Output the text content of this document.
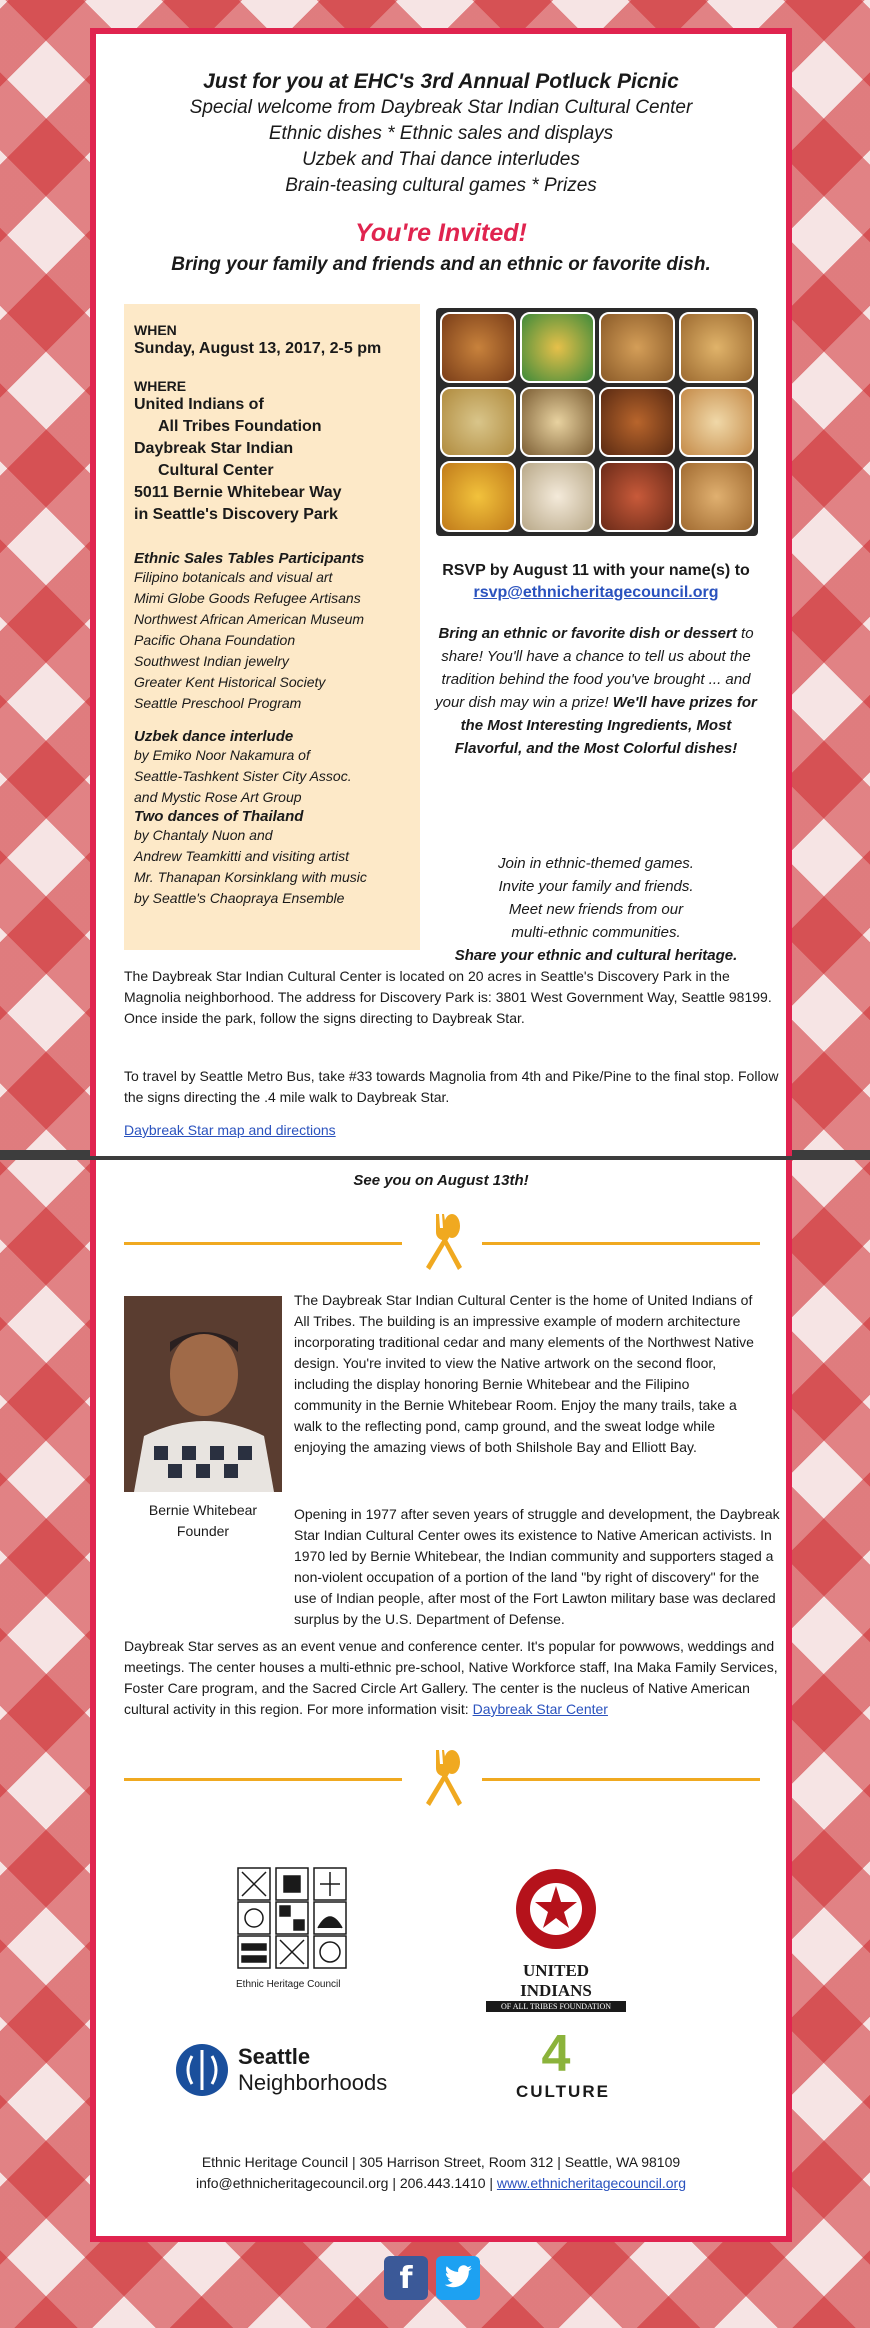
Just for you at EHC's 3rd Annual Potluck Picnic
Special welcome from Daybreak Star Indian Cultural Center
Ethnic dishes * Ethnic sales and displays
Uzbek and Thai dance interludes
Brain-teasing cultural games * Prizes
You're Invited!
Bring your family and friends and an ethnic or favorite dish.
WHEN
Sunday, August 13, 2017, 2-5 pm
WHERE
United Indians of
All Tribes Foundation
Daybreak Star Indian
Cultural Center
5011 Bernie Whitebear Way
in Seattle's Discovery Park
Ethnic Sales Tables Participants
Filipino botanicals and visual art
Mimi Globe Goods Refugee Artisans
Northwest African American Museum
Pacific Ohana Foundation
Southwest Indian jewelry
Greater Kent Historical Society
Seattle Preschool Program
Uzbek dance interlude
by Emiko Noor Nakamura of
Seattle-Tashkent Sister City Assoc.
and Mystic Rose Art Group
Two dances of Thailand
by Chantaly Nuon and
Andrew Teamkitti and visiting artist
Mr. Thanapan Korsinklang with music
by Seattle's Chaopraya Ensemble
RSVP by August 11 with your name(s) to
rsvp@ethnicheritagecouncil.org
Bring an ethnic or favorite dish or dessert to share! You'll have a chance to tell us about the tradition behind the food you've brought ... and your dish may win a prize! We'll have prizes for the Most Interesting Ingredients, Most Flavorful, and the Most Colorful dishes!
Join in ethnic-themed games.
Invite your family and friends.
Meet new friends from our
multi-ethnic communities.
Share your ethnic and cultural heritage.
The Daybreak Star Indian Cultural Center is located on 20 acres in Seattle's Discovery Park in the Magnolia neighborhood. The address for Discovery Park is: 3801 West Government Way, Seattle 98199. Once inside the park, follow the signs directing to Daybreak Star.
To travel by Seattle Metro Bus, take #33 towards Magnolia from 4th and Pike/Pine to the final stop. Follow the signs directing the .4 mile walk to Daybreak Star.
Daybreak Star map and directions
See you on August 13th!
Bernie Whitebear
Founder
The Daybreak Star Indian Cultural Center is the home of United Indians of All Tribes. The building is an impressive example of modern architecture incorporating traditional cedar and many elements of the Northwest Native design. You're invited to view the Native artwork on the second floor, including the display honoring Bernie Whitebear and the Filipino community in the Bernie Whitebear Room. Enjoy the many trails, take a walk to the reflecting pond, camp ground, and the sweat lodge while enjoying the amazing views of both Shilshole Bay and Elliott Bay.
Opening in 1977 after seven years of struggle and development, the Daybreak Star Indian Cultural Center owes its existence to Native American activists. In 1970 led by Bernie Whitebear, the Indian community and supporters staged a non-violent occupation of a portion of the land "by right of discovery" for the use of Indian people, after most of the Fort Lawton military base was declared surplus by the U.S. Department of Defense.
Daybreak Star serves as an event venue and conference center. It's popular for powwows, weddings and meetings. The center houses a multi-ethnic pre-school, Native Workforce staff, Ina Maka Family Services, Foster Care program, and the Sacred Circle Art Gallery. The center is the nucleus of Native American cultural activity in this region. For more information visit: Daybreak Star Center
Ethnic Heritage Council
UNITED INDIANS
OF ALL TRIBES FOUNDATION
Seattle
Neighborhoods	4
CULTURE
Ethnic Heritage Council | 305 Harrison Street, Room 312 | Seattle, WA 98109
info@ethnicheritagecouncil.org | 206.443.1410 | www.ethnicheritagecouncil.org
f
